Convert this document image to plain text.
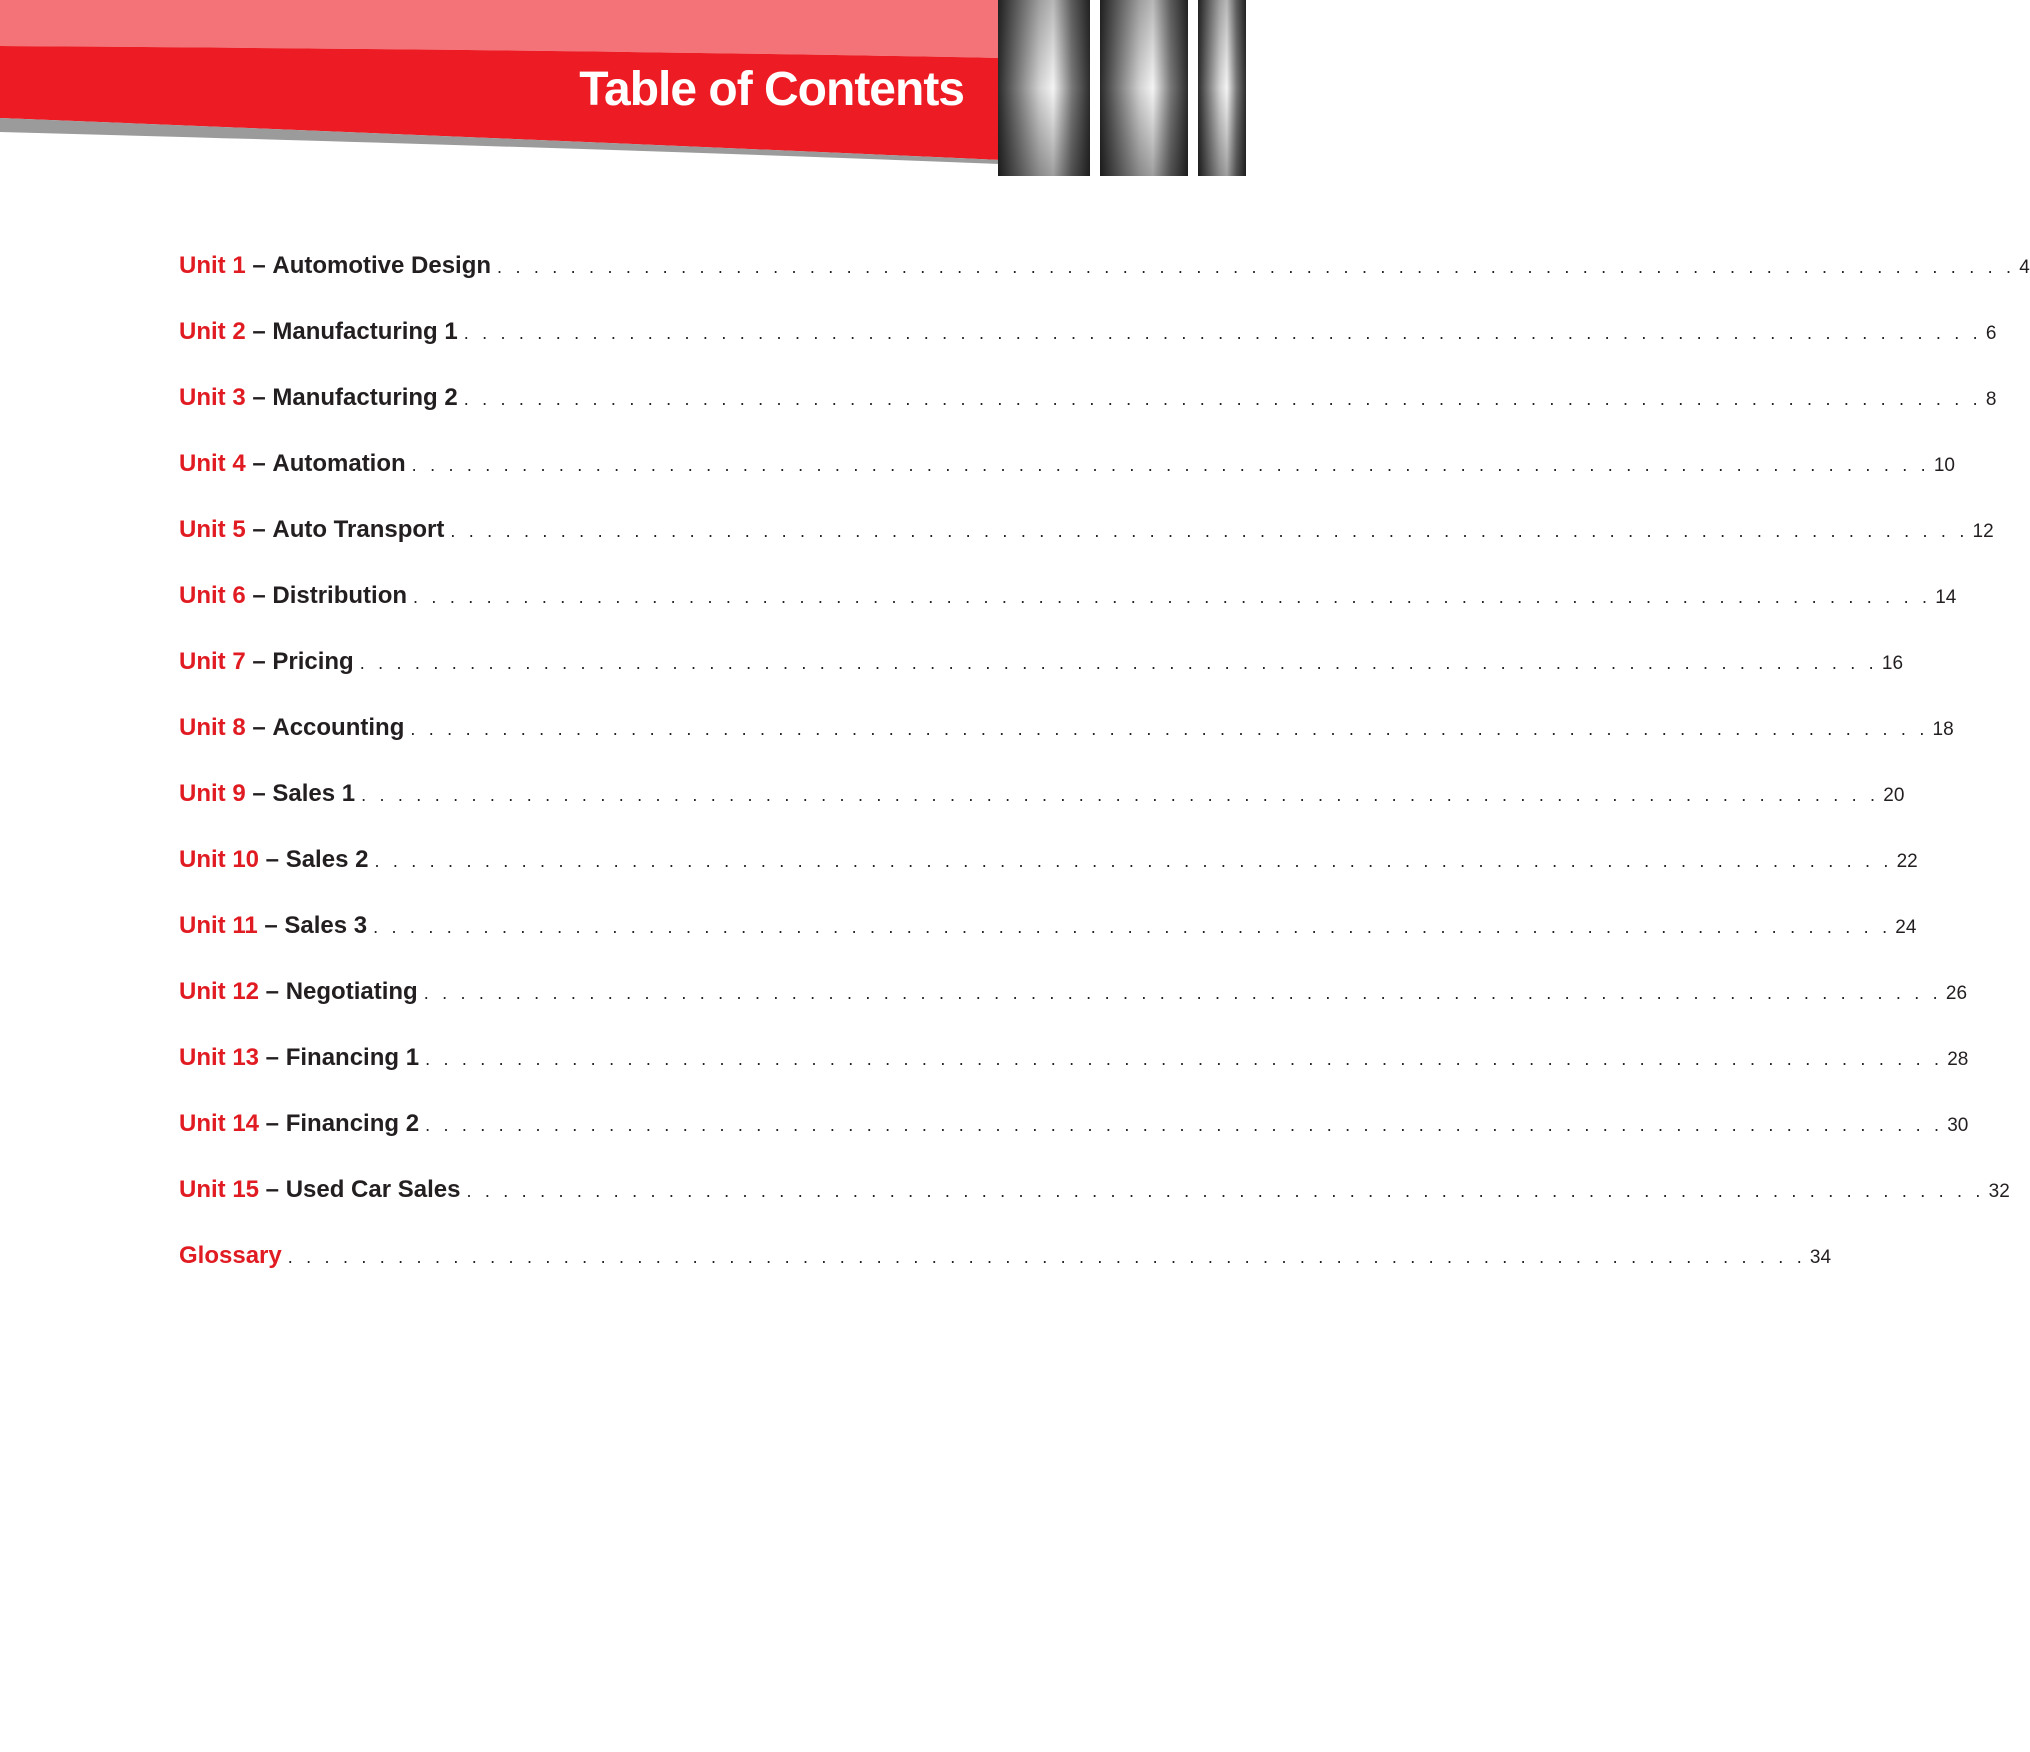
Table of Contents
Unit 1 – Automotive Design . . . . . . . . . . . . . . . . . . . . . . . . . . . . . . . . . . . . . . . . . . . . . . . . . . . . . . . . . . . . . . . . . . . . . . . . . . . . . . . . . . . 4
Unit 2 – Manufacturing 1 . . . . . . . . . . . . . . . . . . . . . . . . . . . . . . . . . . . . . . . . . . . . . . . . . . . . . . . . . . . . . . . . . . . . . . . . . . . . . . . . . . . 6
Unit 3 – Manufacturing 2 . . . . . . . . . . . . . . . . . . . . . . . . . . . . . . . . . . . . . . . . . . . . . . . . . . . . . . . . . . . . . . . . . . . . . . . . . . . . . . . . . . . 8
Unit 4 – Automation . . . . . . . . . . . . . . . . . . . . . . . . . . . . . . . . . . . . . . . . . . . . . . . . . . . . . . . . . . . . . . . . . . . . . . . . . . . . . . . . . . . 10
Unit 5 – Auto Transport . . . . . . . . . . . . . . . . . . . . . . . . . . . . . . . . . . . . . . . . . . . . . . . . . . . . . . . . . . . . . . . . . . . . . . . . . . . . . . . . . . . 12
Unit 6 – Distribution . . . . . . . . . . . . . . . . . . . . . . . . . . . . . . . . . . . . . . . . . . . . . . . . . . . . . . . . . . . . . . . . . . . . . . . . . . . . . . . . . . . 14
Unit 7 – Pricing . . . . . . . . . . . . . . . . . . . . . . . . . . . . . . . . . . . . . . . . . . . . . . . . . . . . . . . . . . . . . . . . . . . . . . . . . . . . . . . . . . . 16
Unit 8 – Accounting . . . . . . . . . . . . . . . . . . . . . . . . . . . . . . . . . . . . . . . . . . . . . . . . . . . . . . . . . . . . . . . . . . . . . . . . . . . . . . . . . . . 18
Unit 9 – Sales 1 . . . . . . . . . . . . . . . . . . . . . . . . . . . . . . . . . . . . . . . . . . . . . . . . . . . . . . . . . . . . . . . . . . . . . . . . . . . . . . . . . . . 20
Unit 10 – Sales 2 . . . . . . . . . . . . . . . . . . . . . . . . . . . . . . . . . . . . . . . . . . . . . . . . . . . . . . . . . . . . . . . . . . . . . . . . . . . . . . . . . . . 22
Unit 11 – Sales 3 . . . . . . . . . . . . . . . . . . . . . . . . . . . . . . . . . . . . . . . . . . . . . . . . . . . . . . . . . . . . . . . . . . . . . . . . . . . . . . . . . . . 24
Unit 12 – Negotiating . . . . . . . . . . . . . . . . . . . . . . . . . . . . . . . . . . . . . . . . . . . . . . . . . . . . . . . . . . . . . . . . . . . . . . . . . . . . . . . . . . . 26
Unit 13 – Financing 1 . . . . . . . . . . . . . . . . . . . . . . . . . . . . . . . . . . . . . . . . . . . . . . . . . . . . . . . . . . . . . . . . . . . . . . . . . . . . . . . . . . . 28
Unit 14 – Financing 2 . . . . . . . . . . . . . . . . . . . . . . . . . . . . . . . . . . . . . . . . . . . . . . . . . . . . . . . . . . . . . . . . . . . . . . . . . . . . . . . . . . . 30
Unit 15 – Used Car Sales . . . . . . . . . . . . . . . . . . . . . . . . . . . . . . . . . . . . . . . . . . . . . . . . . . . . . . . . . . . . . . . . . . . . . . . . . . . . . . . . . . . 32
Glossary . . . . . . . . . . . . . . . . . . . . . . . . . . . . . . . . . . . . . . . . . . . . . . . . . . . . . . . . . . . . . . . . . . . . . . . . . . . . . . . . . . . 34
